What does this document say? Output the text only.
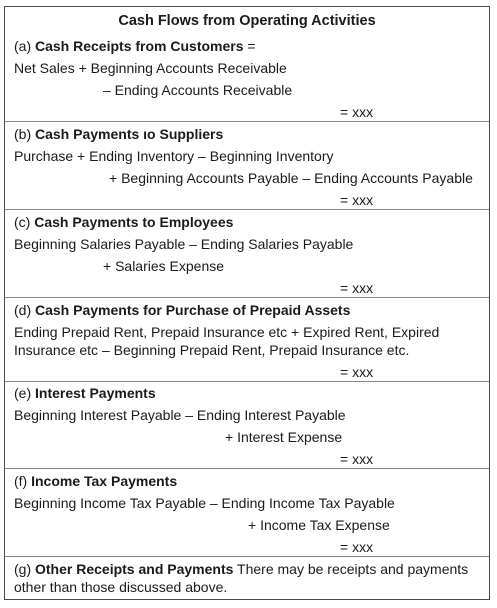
Cash Flows from Operating Activities
(a) Cash Receipts from Customers =
Net Sales + Beginning Accounts Receivable
– Ending Accounts Receivable
= xxx
(b) Cash Payments ıo Suppliers
Purchase + Ending Inventory – Beginning Inventory
+ Beginning Accounts Payable – Ending Accounts Payable
= xxx
(c) Cash Payments to Employees
Beginning Salaries Payable – Ending Salaries Payable
+ Salaries Expense
= xxx
(d) Cash Payments for Purchase of Prepaid Assets
Ending Prepaid Rent, Prepaid Insurance etc + Expired Rent, Expired
Insurance etc – Beginning Prepaid Rent, Prepaid Insurance etc.
= xxx
(e) Interest Payments
Beginning Interest Payable – Ending Interest Payable
+ Interest Expense
= xxx
(f) Income Tax Payments
Beginning Income Tax Payable – Ending Income Tax Payable
+ Income Tax Expense
= xxx
(g) Other Receipts and Payments There may be receipts and payments
other than those discussed above.
